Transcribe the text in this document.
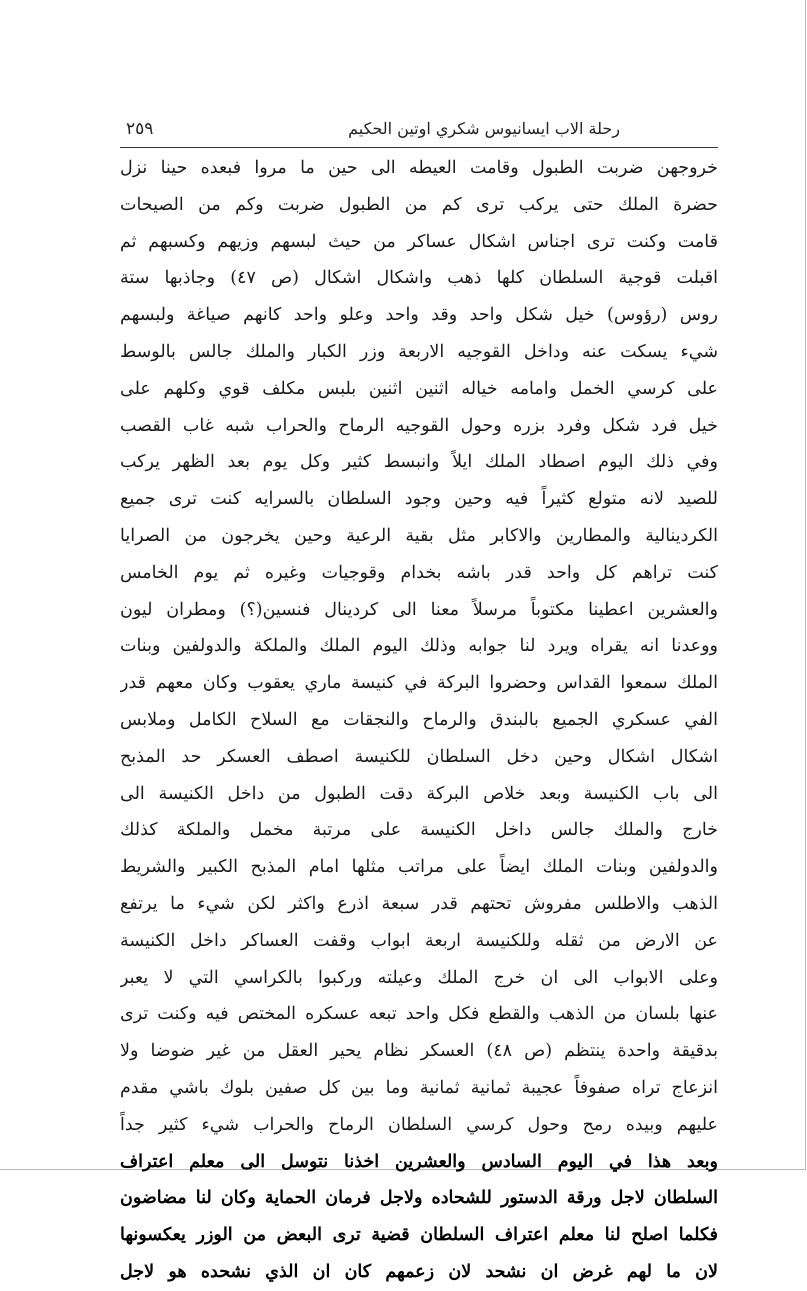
رحلة الاب ايسانيوس شكري اوتين الحكيم
٢٥٩
خروجهن ضربت الطبول وقامت العيطه الى حين ما مروا فبعده حينا نزل
حضرة الملك حتى يركب ترى كم من الطبول ضربت وكم من الصيحات
قامت وكنت ترى اجناس اشكال عساكر من حيث لبسهم وزيهم وكسبهم ثم
اقبلت قوجية السلطان كلها ذهب واشكال اشكال (ص ٤٧) وجاذبها ستة
روس (رؤوس) خيل شكل واحد وقد واحد وعلو واحد كانهم صياغة ولبسهم
شيء يسكت عنه وداخل القوجيه الاربعة وزر الكبار والملك جالس بالوسط
على كرسي الخمل وامامه خياله اثنين اثنين بلبس مكلف قوي وكلهم على
خيل فرد شكل وفرد بزره وحول القوجيه الرماح والحراب شبه غاب القصب
وفي ذلك اليوم اصطاد الملك ايلاً وانبسط كثير وكل يوم بعد الظهر يركب
للصيد لانه متولع كثيراً فيه وحين وجود السلطان بالسرايه كنت ترى جميع
الكردينالية والمطارين والاكابر مثل بقية الرعية وحين يخرجون من الصرايا
كنت تراهم كل واحد قدر باشه بخدام وقوجيات وغيره ثم يوم الخامس
والعشرين اعطينا مكتوباً مرسلاً معنا الى كردينال فنسين(؟) ومطران ليون
ووعدنا انه يقراه ويرد لنا جوابه وذلك اليوم الملك والملكة والدولفين وبنات
الملك سمعوا القداس وحضروا البركة في كنيسة ماري يعقوب وكان معهم قدر
الفي عسكري الجميع بالبندق والرماح والنجقات مع السلاح الكامل وملابس
اشكال اشكال وحين دخل السلطان للكنيسة اصطف العسكر حد المذبح
الى باب الكنيسة وبعد خلاص البركة دقت الطبول من داخل الكنيسة الى
خارج والملك جالس داخل الكنيسة على مرتبة مخمل والملكة كذلك
والدولفين وبنات الملك ايضاً على مراتب مثلها امام المذبح الكبير والشريط
الذهب والاطلس مفروش تحتهم قدر سبعة اذرع واكثر لكن شيء ما يرتفع
عن الارض من ثقله وللكنيسة اربعة ابواب وقفت العساكر داخل الكنيسة
وعلى الابواب الى ان خرج الملك وعيلته وركبوا بالكراسي التي لا يعبر
عنها بلسان من الذهب والقطع فكل واحد تبعه عسكره المختص فيه وكنت ترى
بدقيقة واحدة ينتظم (ص ٤٨) العسكر نظام يحير العقل من غير ضوضا ولا
انزعاج تراه صفوفاً عجيبة ثمانية ثمانية وما بين كل صفين بلوك باشي مقدم
عليهم وبيده رمح وحول كرسي السلطان الرماح والحراب شيء كثير جداً
وبعد هذا في اليوم السادس والعشرين اخذنا نتوسل الى معلم اعتراف
السلطان لاجل ورقة الدستور للشحاده ولاجل فرمان الحماية وكان لنا مضاضون
فكلما اصلح لنا معلم اعتراف السلطان قضية ترى البعض من الوزر يعكسونها
لان ما لهم غرض ان نشحد لان زعمهم كان ان الذي نشحده هو لاجل
